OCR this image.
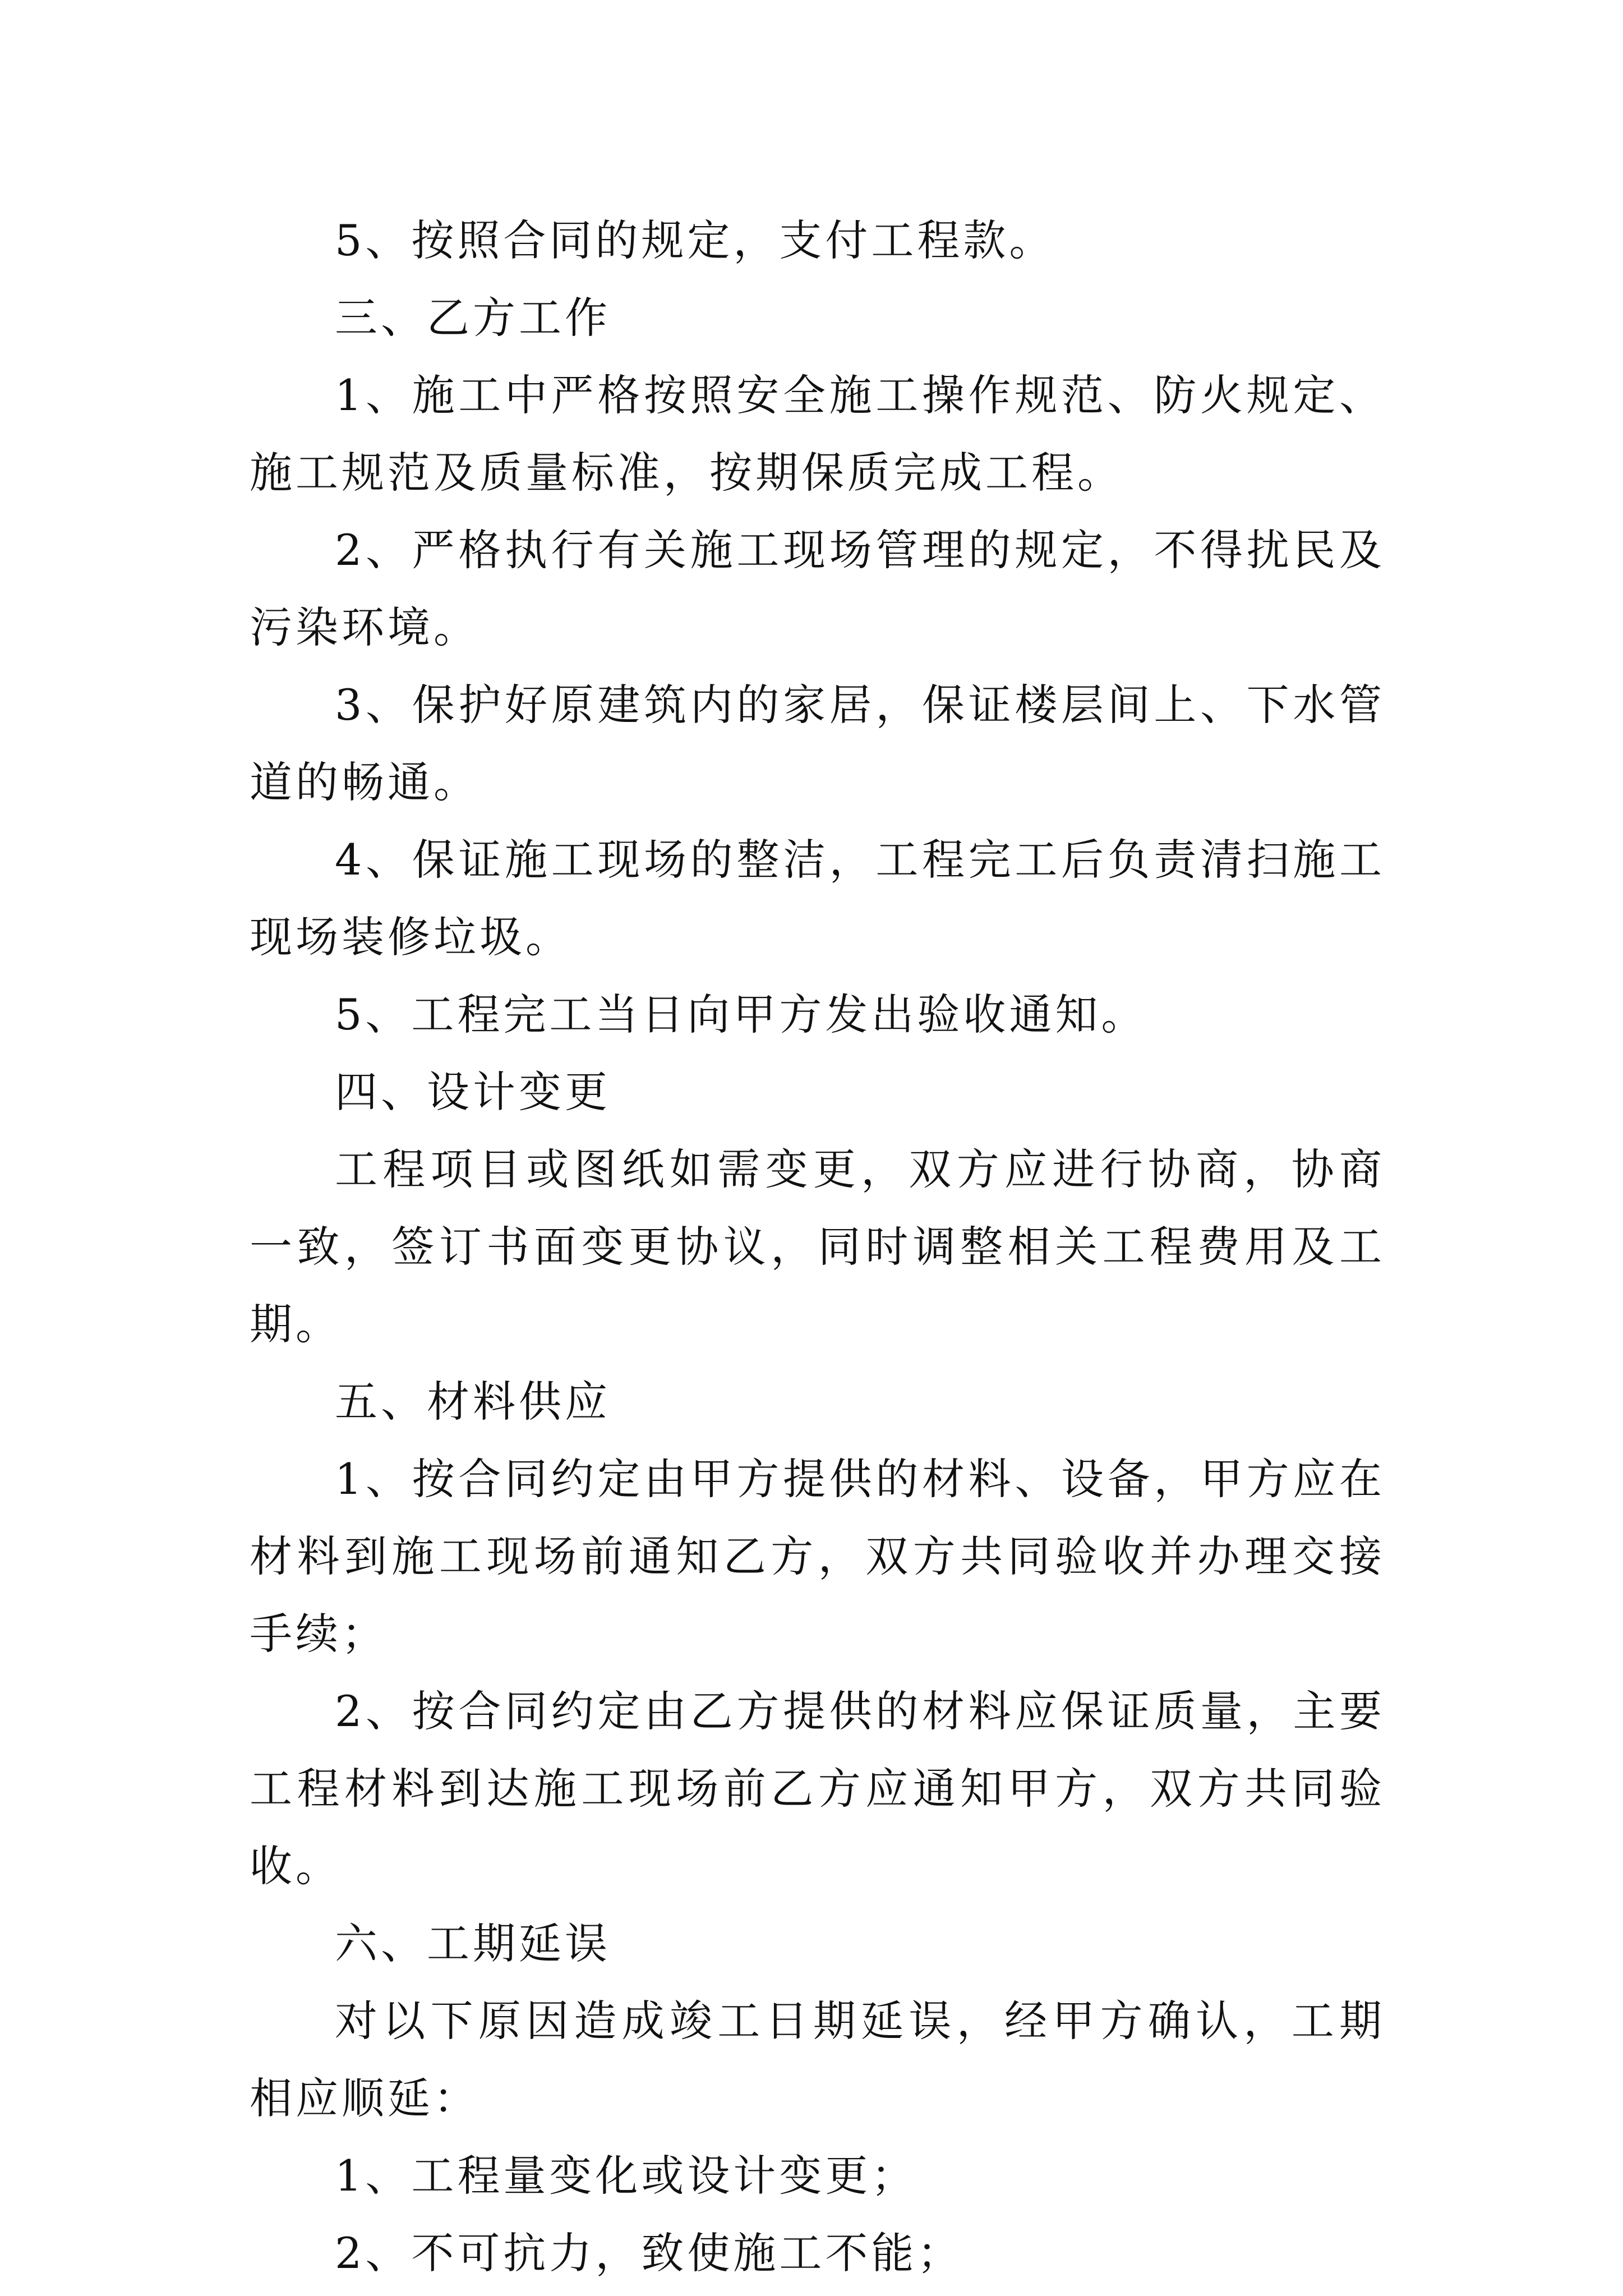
5、按照合同的规定，支付工程款。

三、乙方工作

1、施工中严格按照安全施工操作规范、防火规定、施工规范及质量标准，按期保质完成工程。

2、严格执行有关施工现场管理的规定，不得扰民及污染环境。

3、保护好原建筑内的家居，保证楼层间上、下水管道的畅通。

4、保证施工现场的整洁，工程完工后负责清扫施工现场装修垃圾。

5、工程完工当日向甲方发出验收通知。

四、设计变更

工程项目或图纸如需变更，双方应进行协商，协商一致，签订书面变更协议，同时调整相关工程费用及工期。

五、材料供应

1、按合同约定由甲方提供的材料、设备，甲方应在材料到施工现场前通知乙方，双方共同验收并办理交接手续；

2、按合同约定由乙方提供的材料应保证质量，主要工程材料到达施工现场前乙方应通知甲方，双方共同验收。

六、工期延误

对以下原因造成竣工日期延误，经甲方确认，工期相应顺延：

1、工程量变化或设计变更；

2、不可抗力，致使施工不能；
